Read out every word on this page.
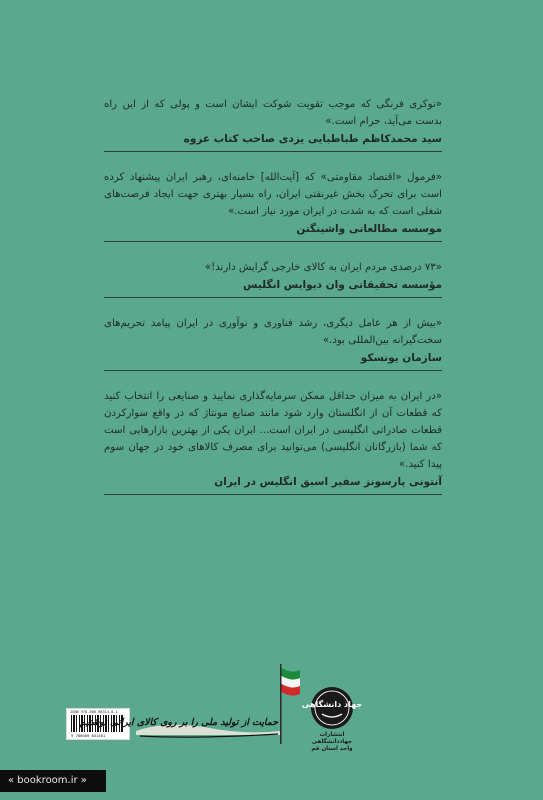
«نوکری فرنگی که موجب تقویت شوکت ایشان است و پولی که از این راه بدست می‌آید، حرام است.»
سید محمدکاظم طباطبایی یزدی صاحب کتاب عروه
«فرمول «اقتصاد مقاومتی» که [آیت‌الله] خامنه‌ای، رهبر ایران پیشنهاد کرده است برای تحرک بخش غیرنفتی ایران، راه بسیار بهتری جهت ایجاد فرصت‌های شغلی است که به شدت در ایران مورد نیاز است.»
موسسه مطالعاتی واشینگتن
«۷۳ درصدی مردم ایران به کالای خارجی گرایش دارند!»
مؤسسه تحقیقاتی وان دیوایس انگلیس
«بیش از هر عامل دیگری، رشد فناوری و نوآوری در ایران پیامد تحریم‌های سخت‌گیرانه بین‌المللی بود.»
سازمان یونسکو
«در ایران به میزان حداقل ممکن سرمایه‌گذاری نمایید و صنایعی را انتخاب کنید که قطعات آن از انگلستان وارد شود مانند صنایع مونتاژ که در واقع سوارکردن قطعات صادراتی انگلیسی در ایران است... ایران یکی از بهترین بازارهایی است که شما (بازرگانان انگلیسی) می‌توانید برای مصرف کالاهای خود در جهان سوم پیدا کنید.»
آنتونی پارسونز سفیر اسبق انگلیس در ایران
ISBN 978-600-98314-0-1
9 786009 831401
حمایت از تولید ملی را بر روی کالای ایرانی نوشتیم
جهاد دانشگاهی
انتشارات جهاددانشگاهی
واحد استان قم
« bookroom.ir »
